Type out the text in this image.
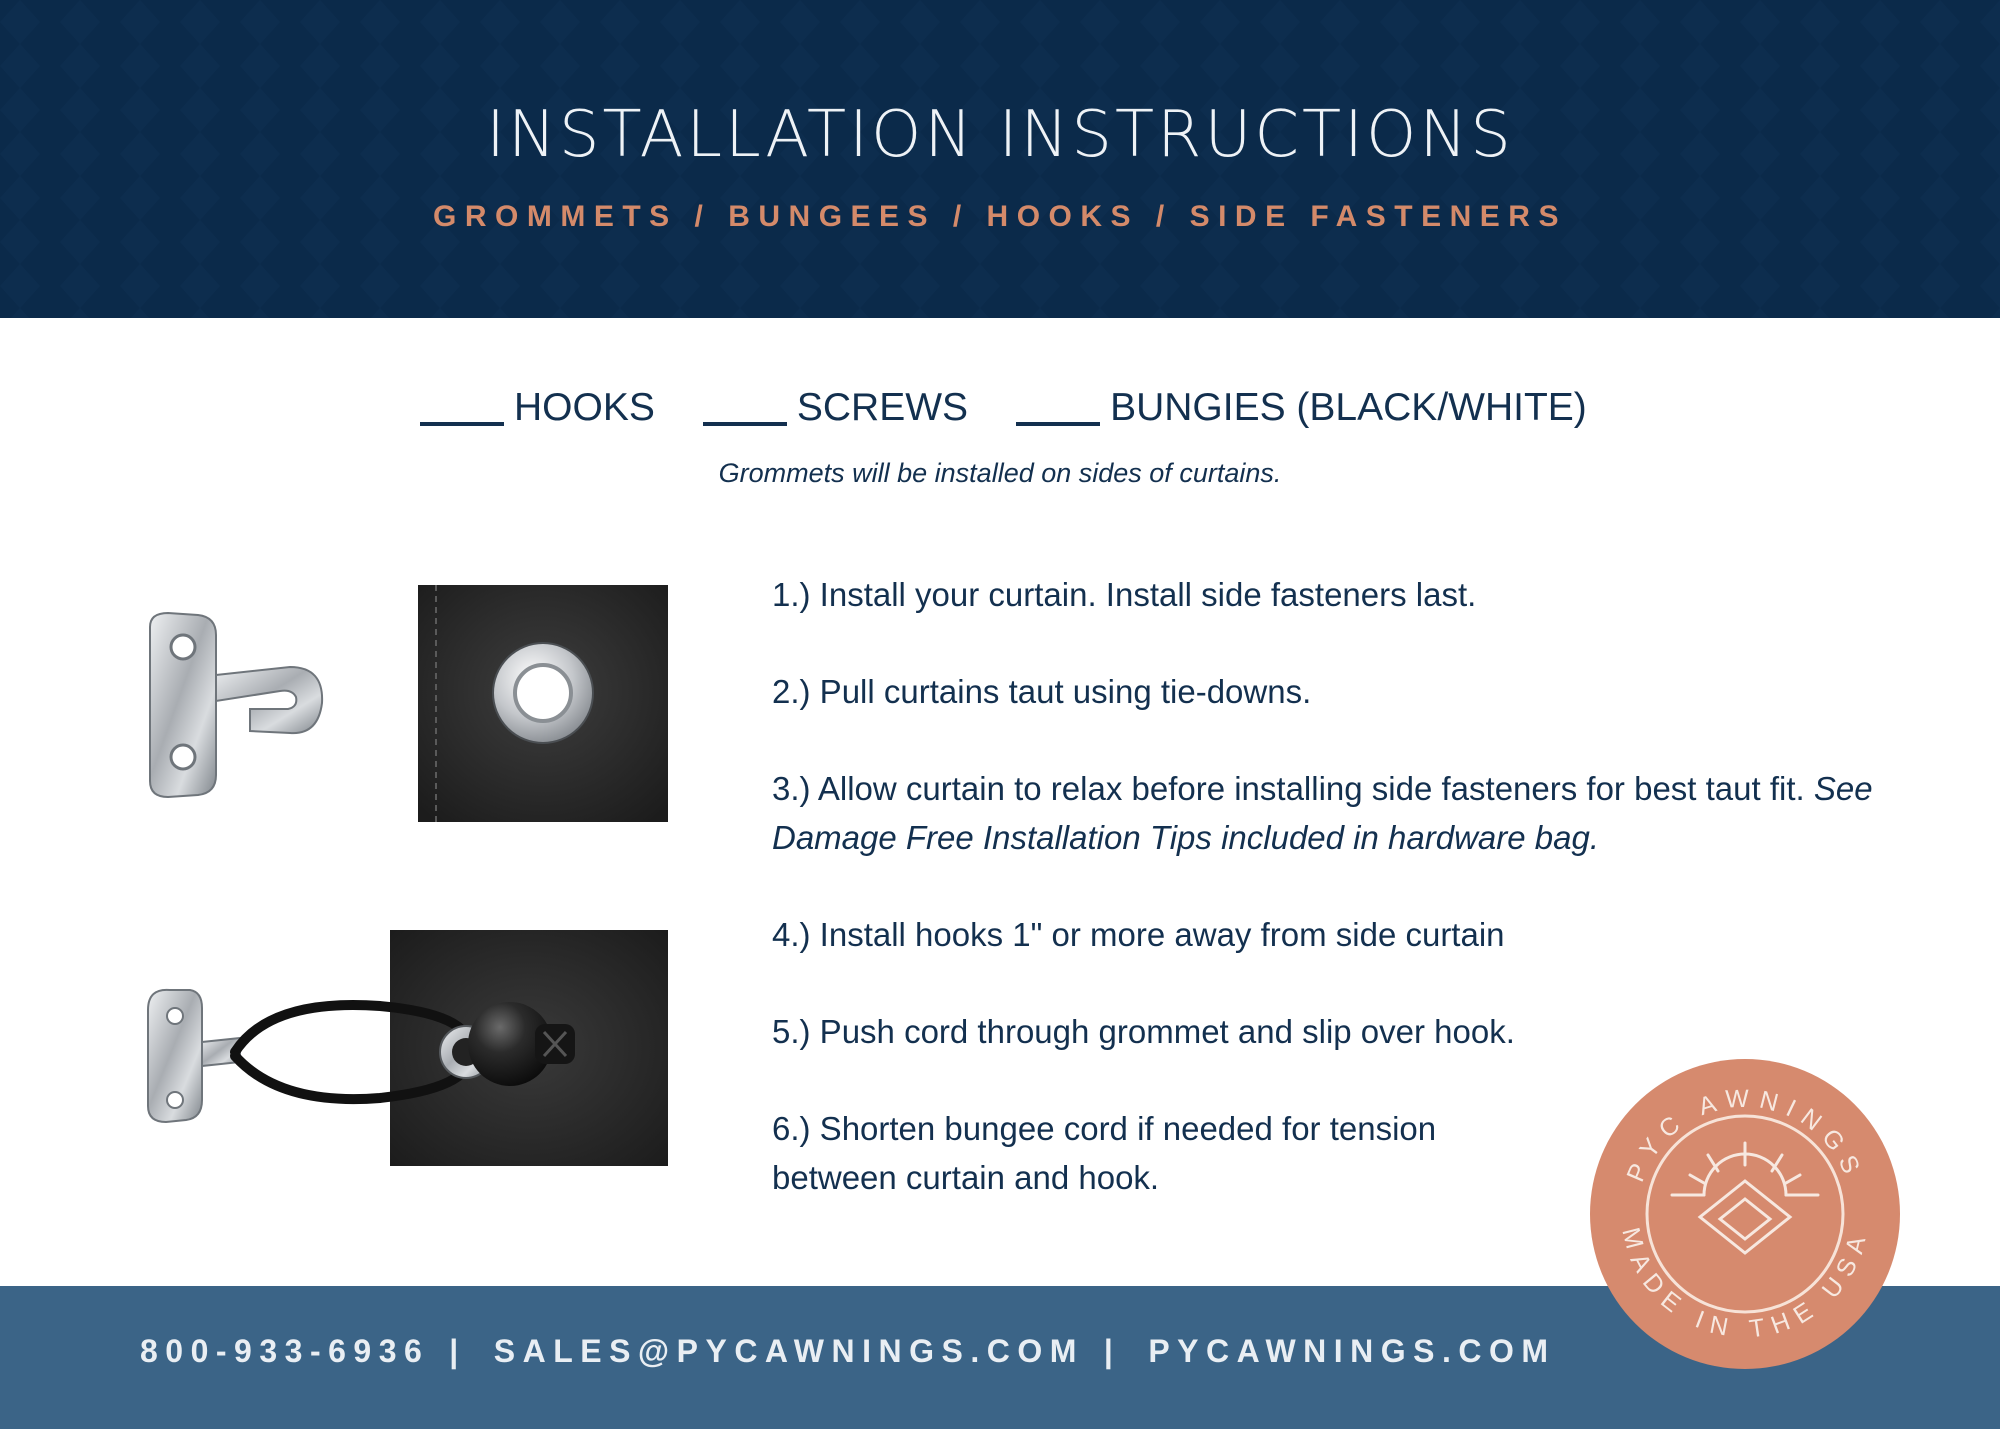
INSTALLATION INSTRUCTIONS
GROMMETS / BUNGEES / HOOKS / SIDE FASTENERS
HOOKS	SCREWS	BUNGIES (BLACK/WHITE)
Grommets will be installed on sides of curtains.
1.) Install your curtain. Install side fasteners last.
2.) Pull curtains taut using tie-downs.
3.) Allow curtain to relax before installing side fasteners for best taut fit. See Damage Free Installation Tips included in hardware bag.
4.) Install hooks 1" or more away from side curtain
5.) Push cord through grommet and slip over hook.
6.) Shorten bungee cord if needed for tension between curtain and hook.
800-933-6936 | SALES@PYCAWNINGS.COM | PYCAWNINGS.COM
PYC AWNINGS
MADE IN THE USA
